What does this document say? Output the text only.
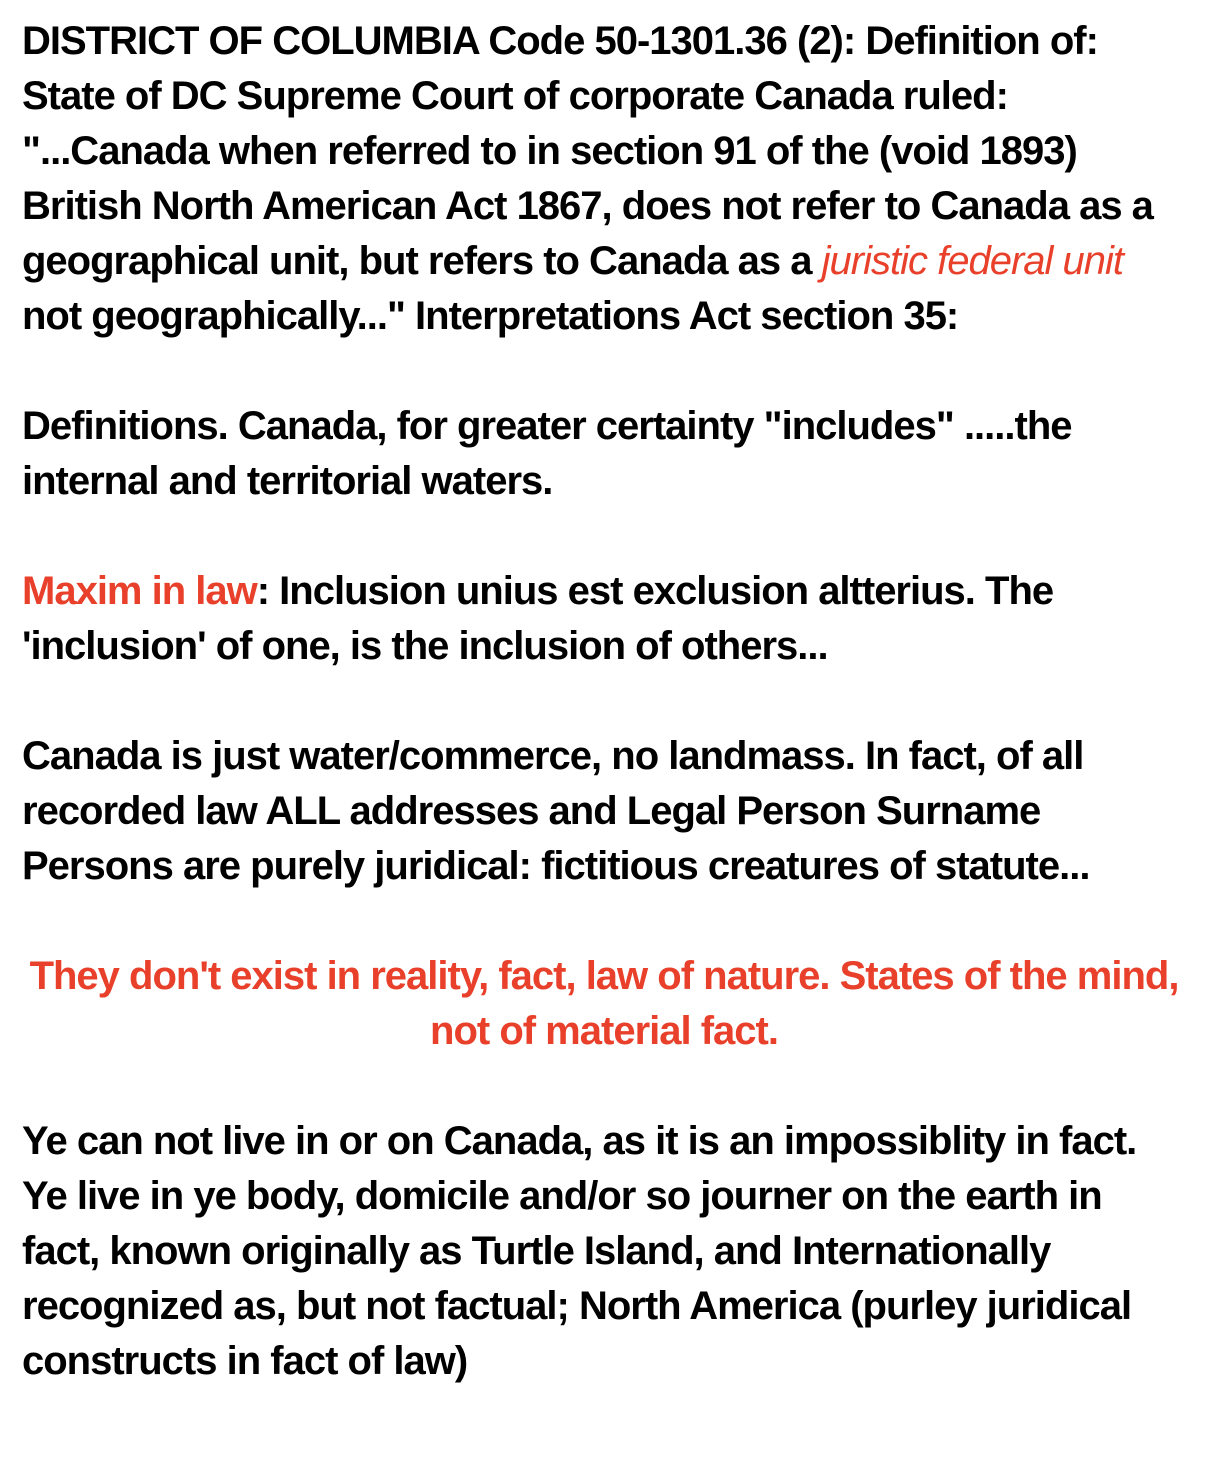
DISTRICT OF COLUMBIA Code 50-1301.36 (2): Definition of: State of DC Supreme Court of corporate Canada ruled: "...Canada when referred to in section 91 of the (void 1893) British North American Act 1867, does not refer to Canada as a geographical unit, but refers to Canada as a juristic federal unit not geographically..." Interpretations Act section 35:

Definitions. Canada, for greater certainty "includes" .....the internal and territorial waters.

Maxim in law: Inclusion unius est exclusion altterius. The 'inclusion' of one, is the inclusion of others...

Canada is just water/commerce, no landmass. In fact, of all recorded law ALL addresses and Legal Person Surname Persons are purely juridical: fictitious creatures of statute...

They don't exist in reality, fact, law of nature. States of the mind, not of material fact.

Ye can not live in or on Canada, as it is an impossiblity in fact. Ye live in ye body, domicile and/or so journer on the earth in fact, known originally as Turtle Island, and Internationally recognized as, but not factual; North America (purley juridical constructs in fact of law)
